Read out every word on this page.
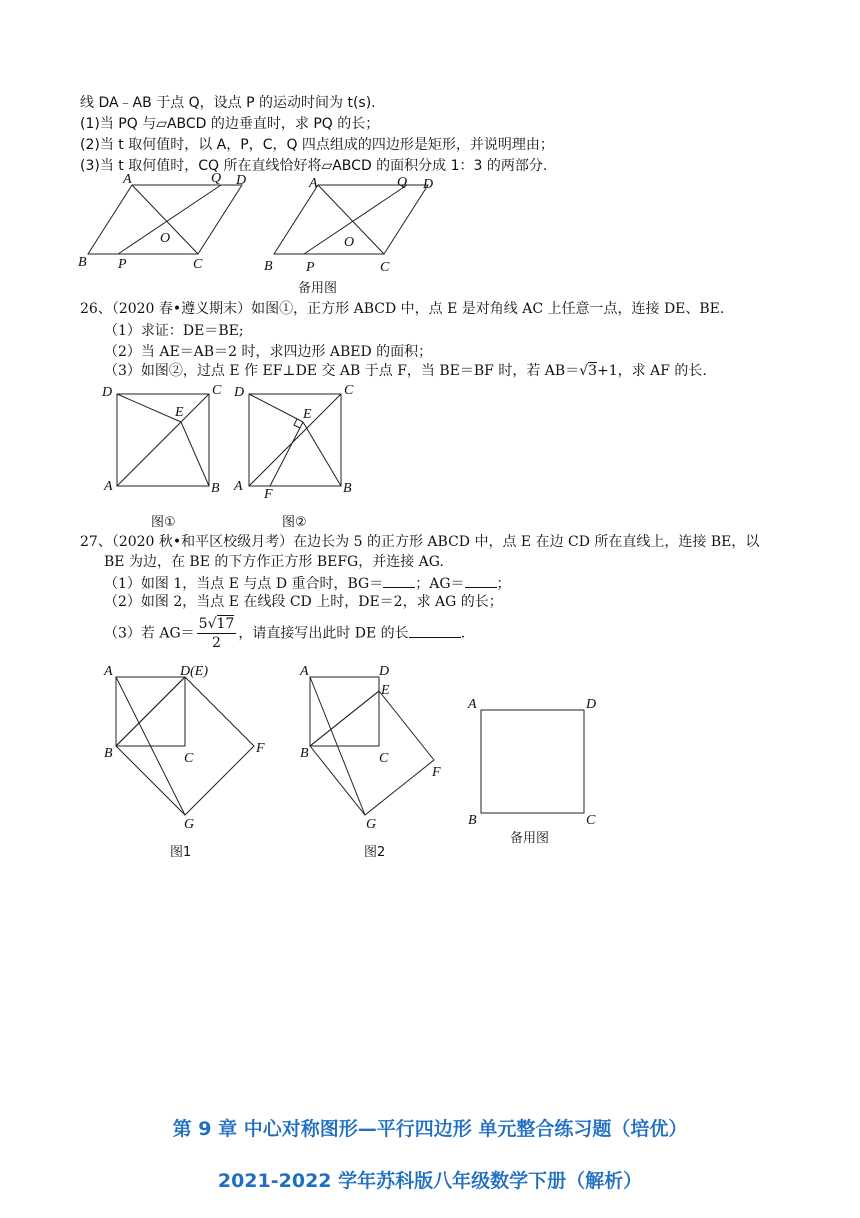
线 DA﹣AB 于点 Q，设点 P 的运动时间为 t(s).
(1)当 PQ 与▱ABCD 的边垂直时，求 PQ 的长；
(2)当 t 取何值时，以 A，P，C，Q 四点组成的四边形是矩形，并说明理由；
(3)当 t 取何值时，CQ 所在直线恰好将▱ABCD 的面积分成 1：3 的两部分.
A	Q D
O
B P	C
A	Q D
O
B P	C
备用图
26、（2020 春•遵义期末）如图①，正方形 ABCD 中，点 E 是对角线 AC 上任意一点，连接 DE、BE.
（1）求证：DE＝BE;
（2）当 AE＝AB＝2 时，求四边形 ABED 的面积；
（3）如图②，过点 E 作 EF⊥DE 交 AB 于点 F，当 BE＝BF 时，若 AB＝√3+1，求 AF 的长.
D	C
E
A	B
图①
D	C
E
A
F	B
图②
27、（2020 秋•和平区校级月考）在边长为 5 的正方形 ABCD 中，点 E 在边 CD 所在直线上，连接 BE，以
BE 为边，在 BE 的下方作正方形 BEFG，并连接 AG.
（1）如图 1，当点 E 与点 D 重合时，BG＝ ；AG＝ ；
（2）如图 2，当点 E 在线段 CD 上时，DE＝2，求 AG 的长；
（3）若 $AG= \frac{5√17}{2}$ ，请直接写出此时 DE 的长	.
A	D(E)
B	C
F
G
图1
A	D
E
B	C
F
G
图2
A	D
B	C
备用图
第 9 章 中心对称图形—平行四边形 单元整合练习题（培优）
2021-2022 学年苏科版八年级数学下册（解析）
